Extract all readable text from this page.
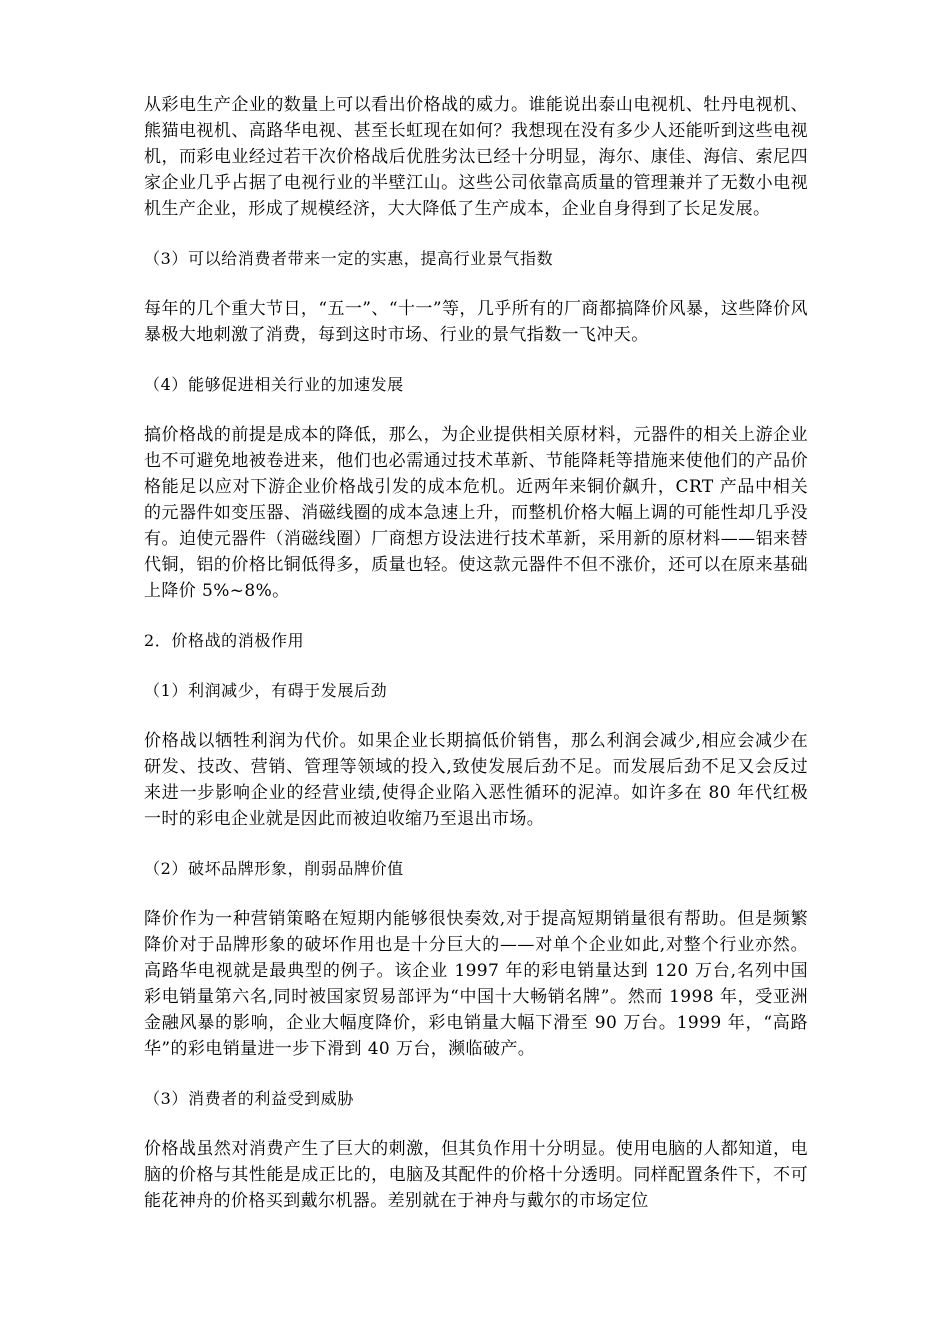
从彩电生产企业的数量上可以看出价格战的威力。谁能说出泰山电视机、牡丹电视机、熊猫电视机、高路华电视、甚至长虹现在如何？我想现在没有多少人还能听到这些电视机，而彩电业经过若干次价格战后优胜劣汰已经十分明显，海尔、康佳、海信、索尼四家企业几乎占据了电视行业的半壁江山。这些公司依靠高质量的管理兼并了无数小电视机生产企业，形成了规模经济，大大降低了生产成本，企业自身得到了长足发展。

（3）可以给消费者带来一定的实惠，提高行业景气指数

每年的几个重大节日，“五一”、“十一”等，几乎所有的厂商都搞降价风暴，这些降价风暴极大地刺激了消费，每到这时市场、行业的景气指数一飞冲天。

（4）能够促进相关行业的加速发展

搞价格战的前提是成本的降低，那么，为企业提供相关原材料，元器件的相关上游企业也不可避免地被卷进来，他们也必需通过技术革新、节能降耗等措施来使他们的产品价格能足以应对下游企业价格战引发的成本危机。近两年来铜价飙升，CRT 产品中相关的元器件如变压器、消磁线圈的成本急速上升，而整机价格大幅上调的可能性却几乎没有。迫使元器件（消磁线圈）厂商想方设法进行技术革新，采用新的原材料——铝来替代铜，铝的价格比铜低得多，质量也轻。使这款元器件不但不涨价，还可以在原来基础上降价 5%~8%。

2．价格战的消极作用

（1）利润减少，有碍于发展后劲

价格战以牺牲利润为代价。如果企业长期搞低价销售，那么利润会减少,相应会减少在研发、技改、营销、管理等领域的投入,致使发展后劲不足。而发展后劲不足又会反过来进一步影响企业的经营业绩,使得企业陷入恶性循环的泥淖。如许多在 80 年代红极一时的彩电企业就是因此而被迫收缩乃至退出市场。

（2）破坏品牌形象，削弱品牌价值

降价作为一种营销策略在短期内能够很快奏效,对于提高短期销量很有帮助。但是频繁降价对于品牌形象的破坏作用也是十分巨大的——对单个企业如此,对整个行业亦然。高路华电视就是最典型的例子。该企业 1997 年的彩电销量达到 120 万台,名列中国彩电销量第六名,同时被国家贸易部评为“中国十大畅销名牌”。然而 1998 年，受亚洲金融风暴的影响，企业大幅度降价，彩电销量大幅下滑至 90 万台。1999 年，“高路华”的彩电销量进一步下滑到 40 万台，濒临破产。

（3）消费者的利益受到威胁

价格战虽然对消费产生了巨大的刺激，但其负作用十分明显。使用电脑的人都知道，电脑的价格与其性能是成正比的，电脑及其配件的价格十分透明。同样配置条件下，不可能花神舟的价格买到戴尔机器。差别就在于神舟与戴尔的市场定位
